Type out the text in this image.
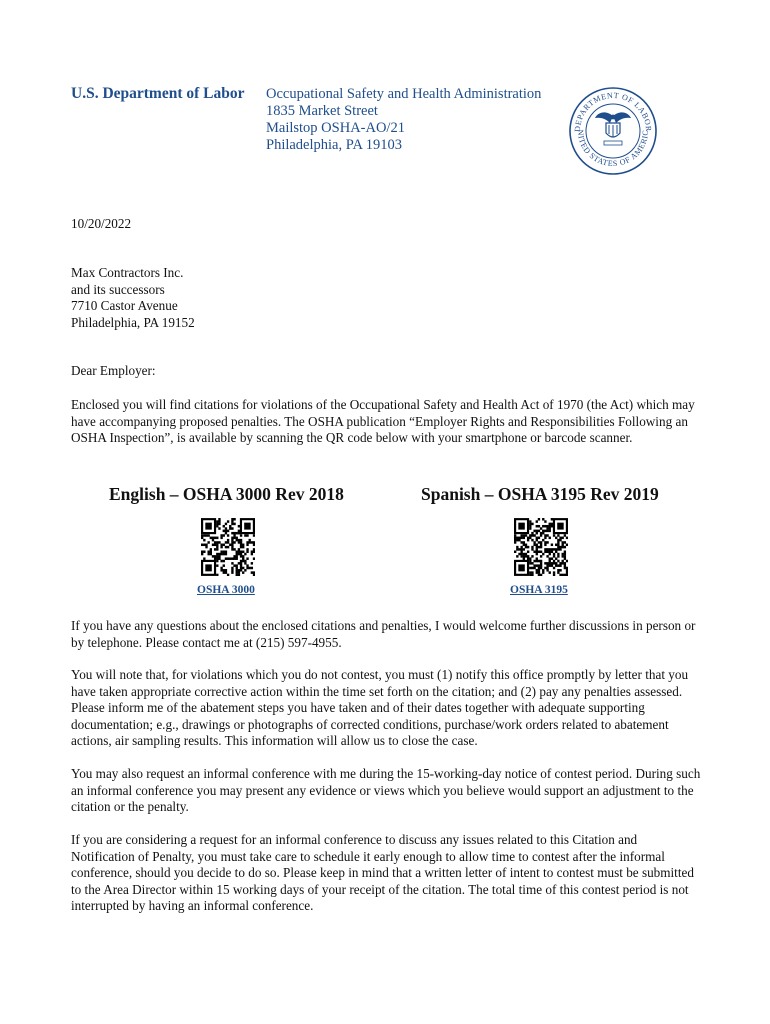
U.S. Department of Labor Occupational Safety and Health Administration
1835 Market Street
Mailstop OSHA-AO/21
Philadelphia, PA 19103
DEPARTMENT OF LABOR
NITED STATES OF AMERIC
10/20/2022
Max Contractors Inc.
and its successors
7710 Castor Avenue
Philadelphia, PA 19152
Dear Employer:
Enclosed you will find citations for violations of the Occupational Safety and Health Act of 1970 (the Act) which may have accompanying proposed penalties. The OSHA publication “Employer Rights and Responsibilities Following an OSHA Inspection”, is available by scanning the QR code below with your smartphone or barcode scanner.
English – OSHA 3000 Rev 2018	Spanish – OSHA 3195 Rev 2019
OSHA 3000	OSHA 3195
If you have any questions about the enclosed citations and penalties, I would welcome further discussions in person or by telephone. Please contact me at (215) 597-4955.
You will note that, for violations which you do not contest, you must (1) notify this office promptly by letter that you have taken appropriate corrective action within the time set forth on the citation; and (2) pay any penalties assessed. Please inform me of the abatement steps you have taken and of their dates together with adequate supporting documentation; e.g., drawings or photographs of corrected conditions, purchase/work orders related to abatement actions, air sampling results. This information will allow us to close the case.
You may also request an informal conference with me during the 15-working-day notice of contest period. During such an informal conference you may present any evidence or views which you believe would support an adjustment to the citation or the penalty.
If you are considering a request for an informal conference to discuss any issues related to this Citation and Notification of Penalty, you must take care to schedule it early enough to allow time to contest after the informal conference, should you decide to do so. Please keep in mind that a written letter of intent to contest must be submitted to the Area Director within 15 working days of your receipt of the citation. The total time of this contest period is not interrupted by having an informal conference.
